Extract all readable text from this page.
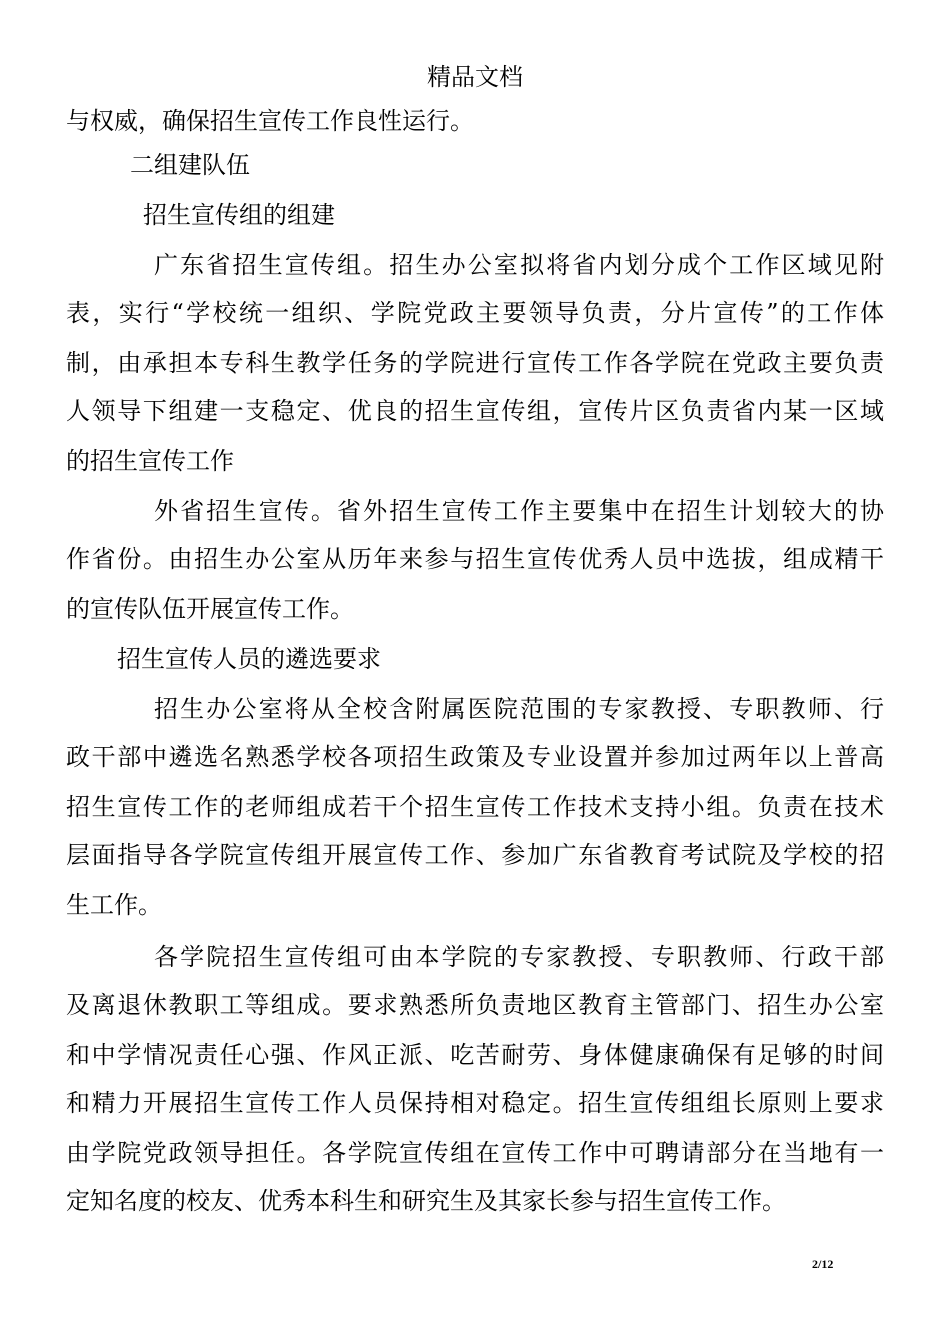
精品文档
与权威，确保招生宣传工作良性运行。
二组建队伍
招生宣传组的组建
广东省招生宣传组。招生办公室拟将省内划分成个工作区域见附
表，实行“学校统一组织、学院党政主要领导负责，分片宣传”的工作体
制，由承担本专科生教学任务的学院进行宣传工作各学院在党政主要负责
人领导下组建一支稳定、优良的招生宣传组，宣传片区负责省内某一区域
的招生宣传工作
外省招生宣传。省外招生宣传工作主要集中在招生计划较大的协
作省份。由招生办公室从历年来参与招生宣传优秀人员中选拔，组成精干
的宣传队伍开展宣传工作。
招生宣传人员的遴选要求
招生办公室将从全校含附属医院范围的专家教授、专职教师、行
政干部中遴选名熟悉学校各项招生政策及专业设置并参加过两年以上普高
招生宣传工作的老师组成若干个招生宣传工作技术支持小组。负责在技术
层面指导各学院宣传组开展宣传工作、参加广东省教育考试院及学校的招
生工作。
各学院招生宣传组可由本学院的专家教授、专职教师、行政干部
及离退休教职工等组成。要求熟悉所负责地区教育主管部门、招生办公室
和中学情况责任心强、作风正派、吃苦耐劳、身体健康确保有足够的时间
和精力开展招生宣传工作人员保持相对稳定。招生宣传组组长原则上要求
由学院党政领导担任。各学院宣传组在宣传工作中可聘请部分在当地有一
定知名度的校友、优秀本科生和研究生及其家长参与招生宣传工作。
2/12
